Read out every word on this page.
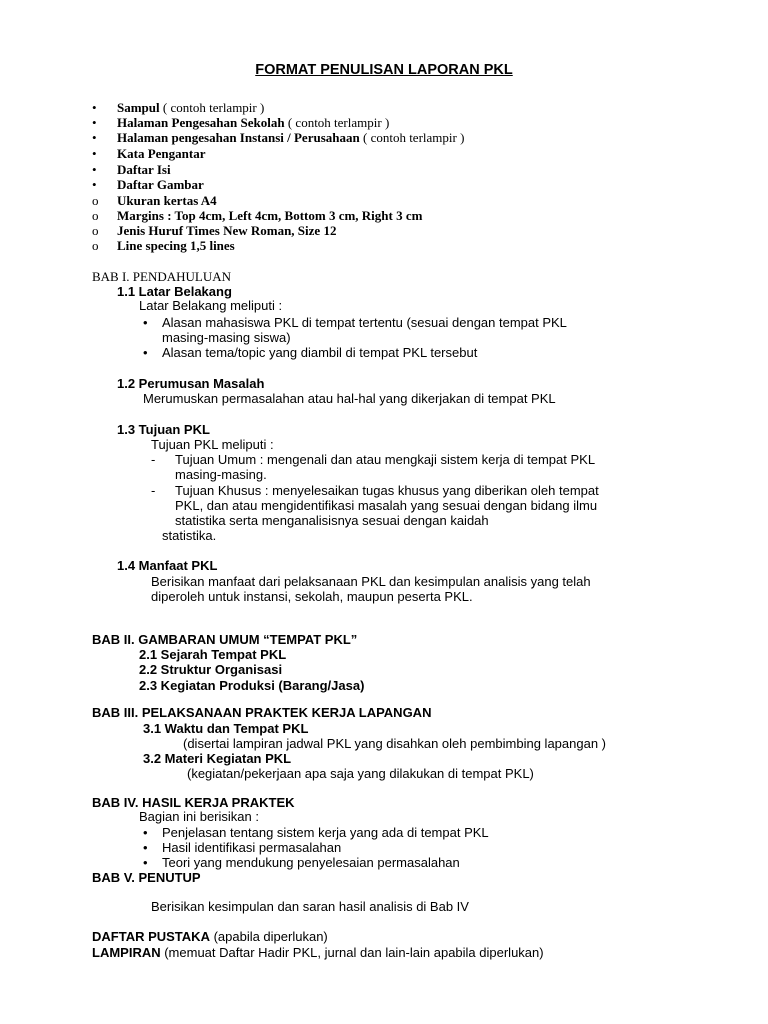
FORMAT PENULISAN LAPORAN PKL
• Sampul ( contoh terlampir )
• Halaman Pengesahan Sekolah ( contoh terlampir )
• Halaman pengesahan Instansi / Perusahaan ( contoh terlampir )
• Kata Pengantar
• Daftar Isi
• Daftar Gambar
o Ukuran kertas A4
o Margins : Top 4cm, Left 4cm, Bottom 3 cm, Right 3 cm
o Jenis Huruf Times New Roman, Size 12
o Line specing 1,5 lines
BAB I. PENDAHULUAN
1.1 Latar Belakang
Latar Belakang meliputi :
• Alasan mahasiswa PKL di tempat tertentu (sesuai dengan tempat PKL
masing-masing siswa)
• Alasan tema/topic yang diambil di tempat PKL tersebut
1.2 Perumusan Masalah
Merumuskan permasalahan atau hal-hal yang dikerjakan di tempat PKL
1.3 Tujuan PKL
Tujuan PKL meliputi :
- Tujuan Umum : mengenali dan atau mengkaji sistem kerja di tempat PKL
masing-masing.
- Tujuan Khusus : menyelesaikan tugas khusus yang diberikan oleh tempat
PKL, dan atau mengidentifikasi masalah yang sesuai dengan bidang ilmu
statistika serta menganalisisnya sesuai dengan kaidah
statistika.
1.4 Manfaat PKL
Berisikan manfaat dari pelaksanaan PKL dan kesimpulan analisis yang telah
diperoleh untuk instansi, sekolah, maupun peserta PKL.
BAB II. GAMBARAN UMUM “TEMPAT PKL”
2.1 Sejarah Tempat PKL
2.2 Struktur Organisasi
2.3 Kegiatan Produksi (Barang/Jasa)
BAB III. PELAKSANAAN PRAKTEK KERJA LAPANGAN
3.1 Waktu dan Tempat PKL
(disertai lampiran jadwal PKL yang disahkan oleh pembimbing lapangan )
3.2 Materi Kegiatan PKL
(kegiatan/pekerjaan apa saja yang dilakukan di tempat PKL)
BAB IV. HASIL KERJA PRAKTEK
Bagian ini berisikan :
• Penjelasan tentang sistem kerja yang ada di tempat PKL
• Hasil identifikasi permasalahan
• Teori yang mendukung penyelesaian permasalahan
BAB V. PENUTUP
Berisikan kesimpulan dan saran hasil analisis di Bab IV
DAFTAR PUSTAKA (apabila diperlukan)
LAMPIRAN (memuat Daftar Hadir PKL, jurnal dan lain-lain apabila diperlukan)
